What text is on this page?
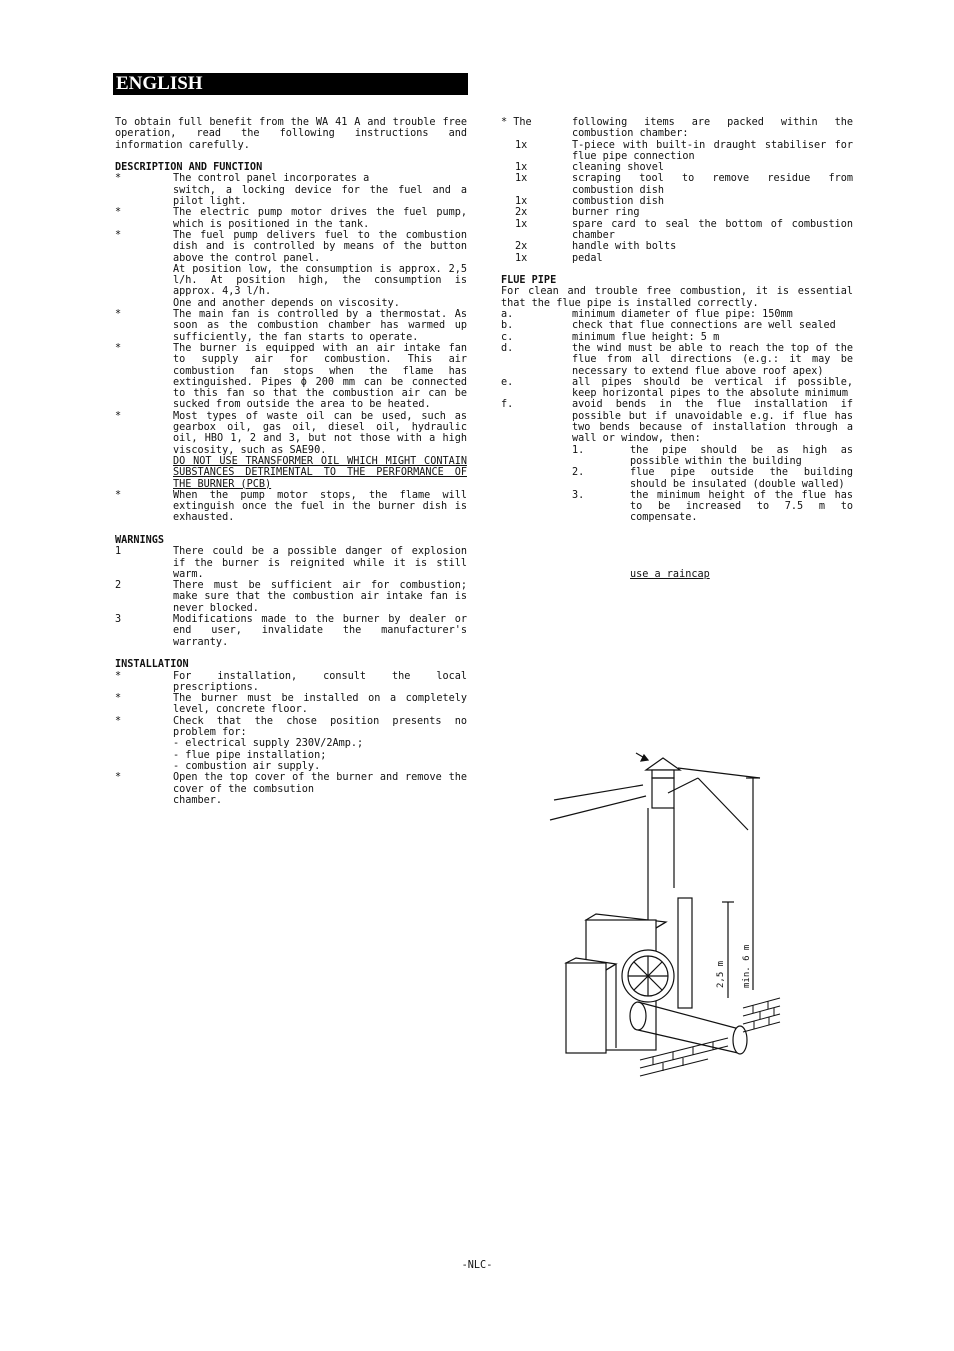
ENGLISH

To obtain full benefit from the WA 41 A and trouble free operation, read the following instructions and information carefully.

DESCRIPTION AND FUNCTION

*	The control panel incorporates a
switch, a locking device for the fuel and a pilot light.
*	The electric pump motor drives the fuel pump, which is positioned in the tank.
*	The fuel pump delivers fuel to the combustion dish and is controlled by means of the button above the control panel.
At position low, the consumption is approx. 2,5 l/h. At position high, the consumption is approx. 4,3 l/h.
One and another depends on viscosity.
*	The main fan is controlled by a thermostat. As soon as the combustion chamber has warmed up sufficiently, the fan starts to operate.
*	The burner is equipped with an air intake fan to supply air for combustion. This air combustion fan stops when the flame has extinguished. Pipes ϕ 200 mm can be connected to this fan so that the combustion air can be sucked from outside the area to be heated.
*	Most types of waste oil can be used, such as gearbox oil, gas oil, diesel oil, hydraulic oil, HBO 1, 2 and 3, but not those with a high viscosity, such as SAE90.
DO NOT USE TRANSFORMER OIL WHICH MIGHT CONTAIN SUBSTANCES DETRIMENTAL TO THE PERFORMANCE OF THE BURNER (PCB)
*	When the pump motor stops, the flame will extinguish once the fuel in the burner dish is exhausted.

WARNINGS

1	There could be a possible danger of explosion if the burner is reignited while it is still warm.
2	There must be sufficient air for combustion; make sure that the combustion air intake fan is never blocked.
3	Modifications made to the burner by dealer or end user, invalidate the manufacturer's warranty.

INSTALLATION

*	For installation, consult the local prescriptions.
*	The burner must be installed on a completely level, concrete floor.
*	Check that the chose position presents no problem for:
- electrical supply 230V/2Amp.;
- flue pipe installation;
- combustion air supply.
*	Open the top cover of the burner and remove the cover of the combsution
chamber.
* The	following items are packed within the combustion chamber:
1x	T-piece with built-in draught stabiliser for flue pipe connection
1x	cleaning shovel
1x	scraping tool to remove residue from combustion dish
1x	combustion dish
2x	burner ring
1x	spare card to seal the bottom of combustion chamber
2x	handle with bolts
1x	pedal

FLUE PIPE

For clean and trouble free combustion, it is essential that the flue pipe is installed correctly.

a.	minimum diameter of flue pipe: 150mm
b.	check that flue connections are well sealed
c.	minimum flue height: 5 m
d.	the wind must be able to reach the top of the flue from all directions (e.g.: it may be necessary to extend flue above roof apex)
e.	all pipes should be vertical if possible, keep horizontal pipes to the absolute minimum
f.	avoid bends in the flue installation if possible but if unavoidable e.g. if flue has two bends because of installation through a wall or window, then:
1.	the pipe should be as high as possible within the building
2.	flue pipe outside the building should be insulated (double walled)
3.	the minimum height of the flue has to be increased to 7.5 m to compensate.
use a raincap
2,5 m min. 6 m
-NLC-
